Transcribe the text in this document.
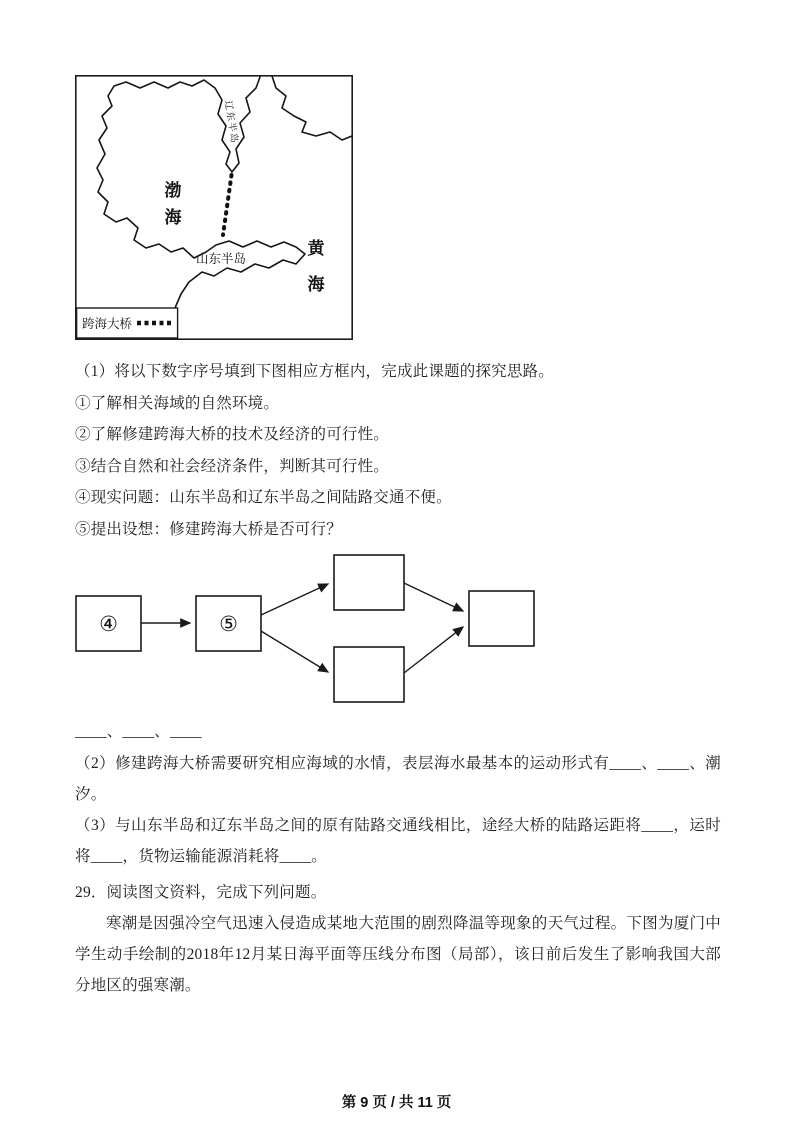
渤海
黄海
山东半岛
辽东半岛
跨海大桥

（1）将以下数字序号填到下图相应方框内，完成此课题的探究思路。

①了解相关海域的自然环境。

②了解修建跨海大桥的技术及经济的可行性。

③结合自然和社会经济条件，判断其可行性。

④现实问题：山东半岛和辽东半岛之间陆路交通不便。

⑤提出设想：修建跨海大桥是否可行？

④	⑤

____、____、____

（2）修建跨海大桥需要研究相应海域的水情，表层海水最基本的运动形式有____、____、潮汐。

（3）与山东半岛和辽东半岛之间的原有陆路交通线相比，途经大桥的陆路运距将____，运时将____，货物运输能源消耗将____。

29．阅读图文资料，完成下列问题。

寒潮是因强冷空气迅速入侵造成某地大范围的剧烈降温等现象的天气过程。下图为厦门中学生动手绘制的2018年12月某日海平面等压线分布图（局部），该日前后发生了影响我国大部分地区的强寒潮。

第 9 页 / 共 11 页
